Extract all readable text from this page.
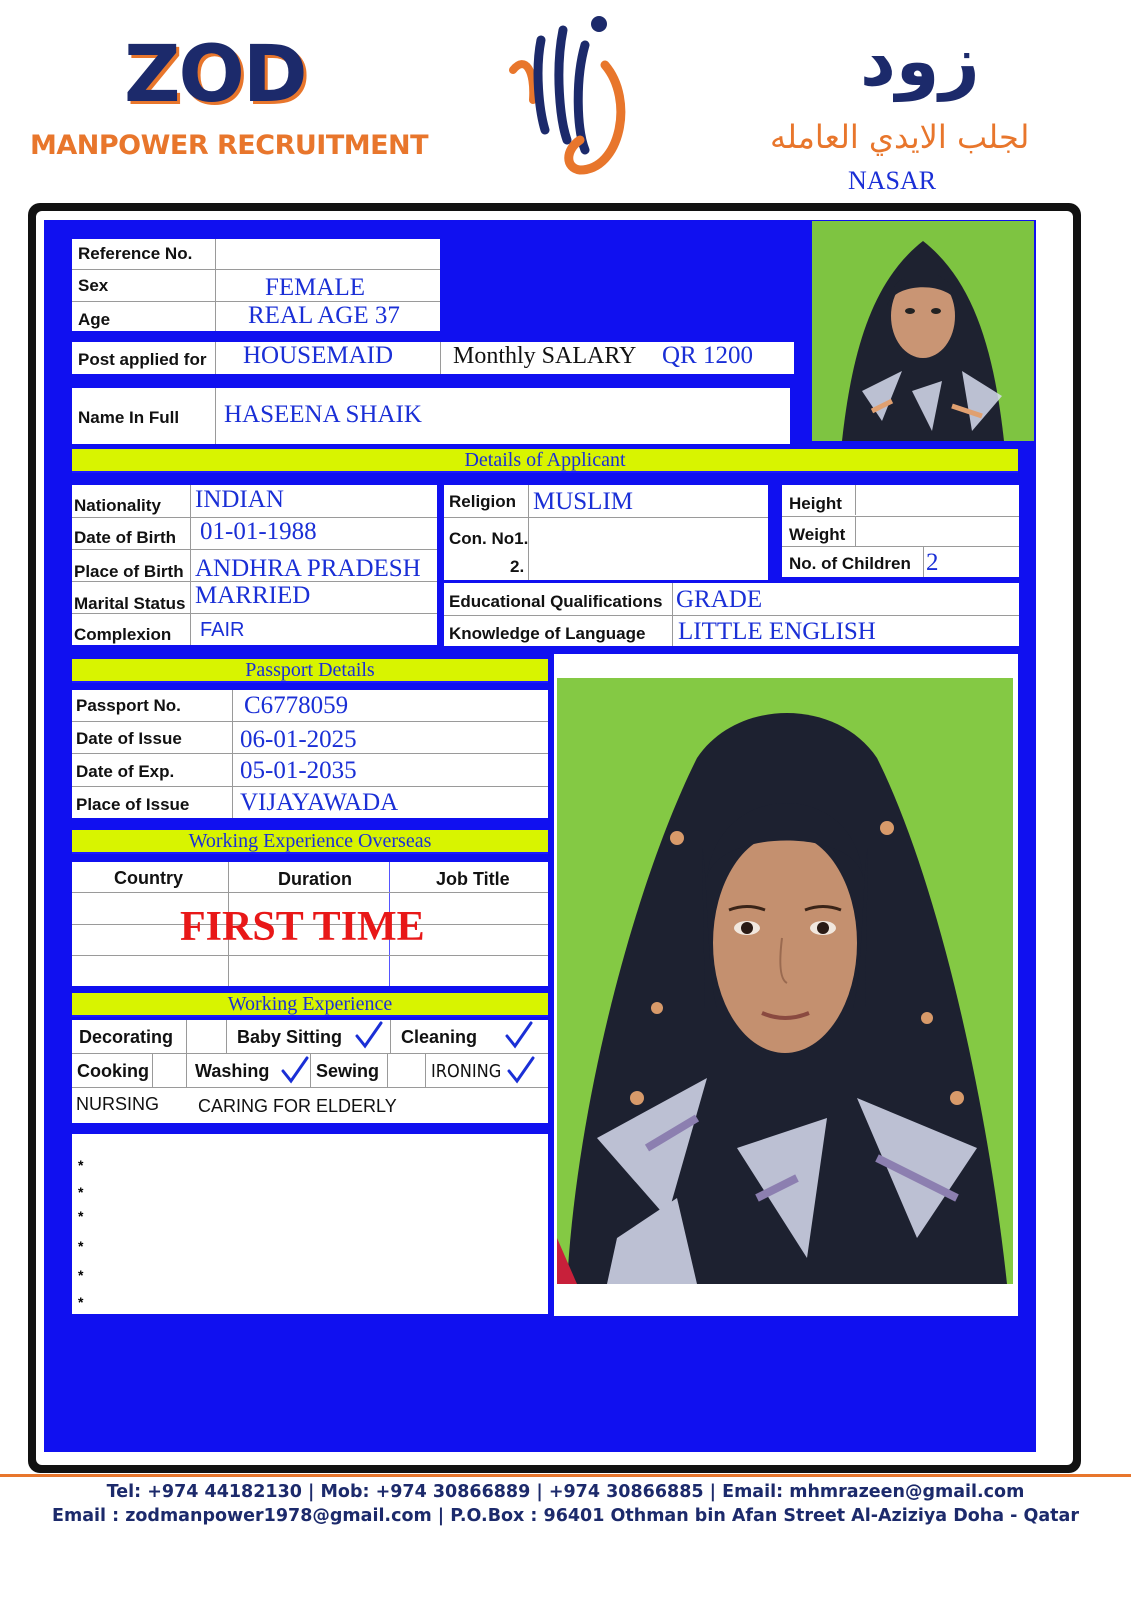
ZOD
MANPOWER RECRUITMENT
زود
لجلب الايدي العامله
NASAR
Reference No.
Sex	FEMALE
Age	REAL AGE 37
Post applied for HOUSEMAID	Monthly SALARY QR 1200
Name In Full HASEENA SHAIK
Details of Applicant
Nationality INDIAN
Date of Birth 01-01-1988
Place of Birth ANDHRA PRADESH
Marital Status MARRIED
Complexion FAIR
Religion MUSLIM
Con. No1.
2.
Height
Weight
No. of Children 2
Educational Qualifications GRADE
Knowledge of Language LITTLE ENGLISH
Passport Details
Passport No.	C6778059
Date of Issue 06-01-2025
Date of Exp.	05-01-2035
Place of Issue VIJAYAWADA
Working Experience Overseas
Country	Duration	Job Title
FIRST TIME
Working Experience
Decorating	Baby Sitting	Cleaning
Cooking	Washing	Sewing	IRONING
NURSING CARING FOR ELDERLY
*
*
*
*
*
*
Tel: +974 44182130 | Mob: +974 30866889 | +974 30866885 | Email: mhmrazeen@gmail.com
Email : zodmanpower1978@gmail.com | P.O.Box : 96401 Othman bin Afan Street Al-Aziziya Doha - Qatar
